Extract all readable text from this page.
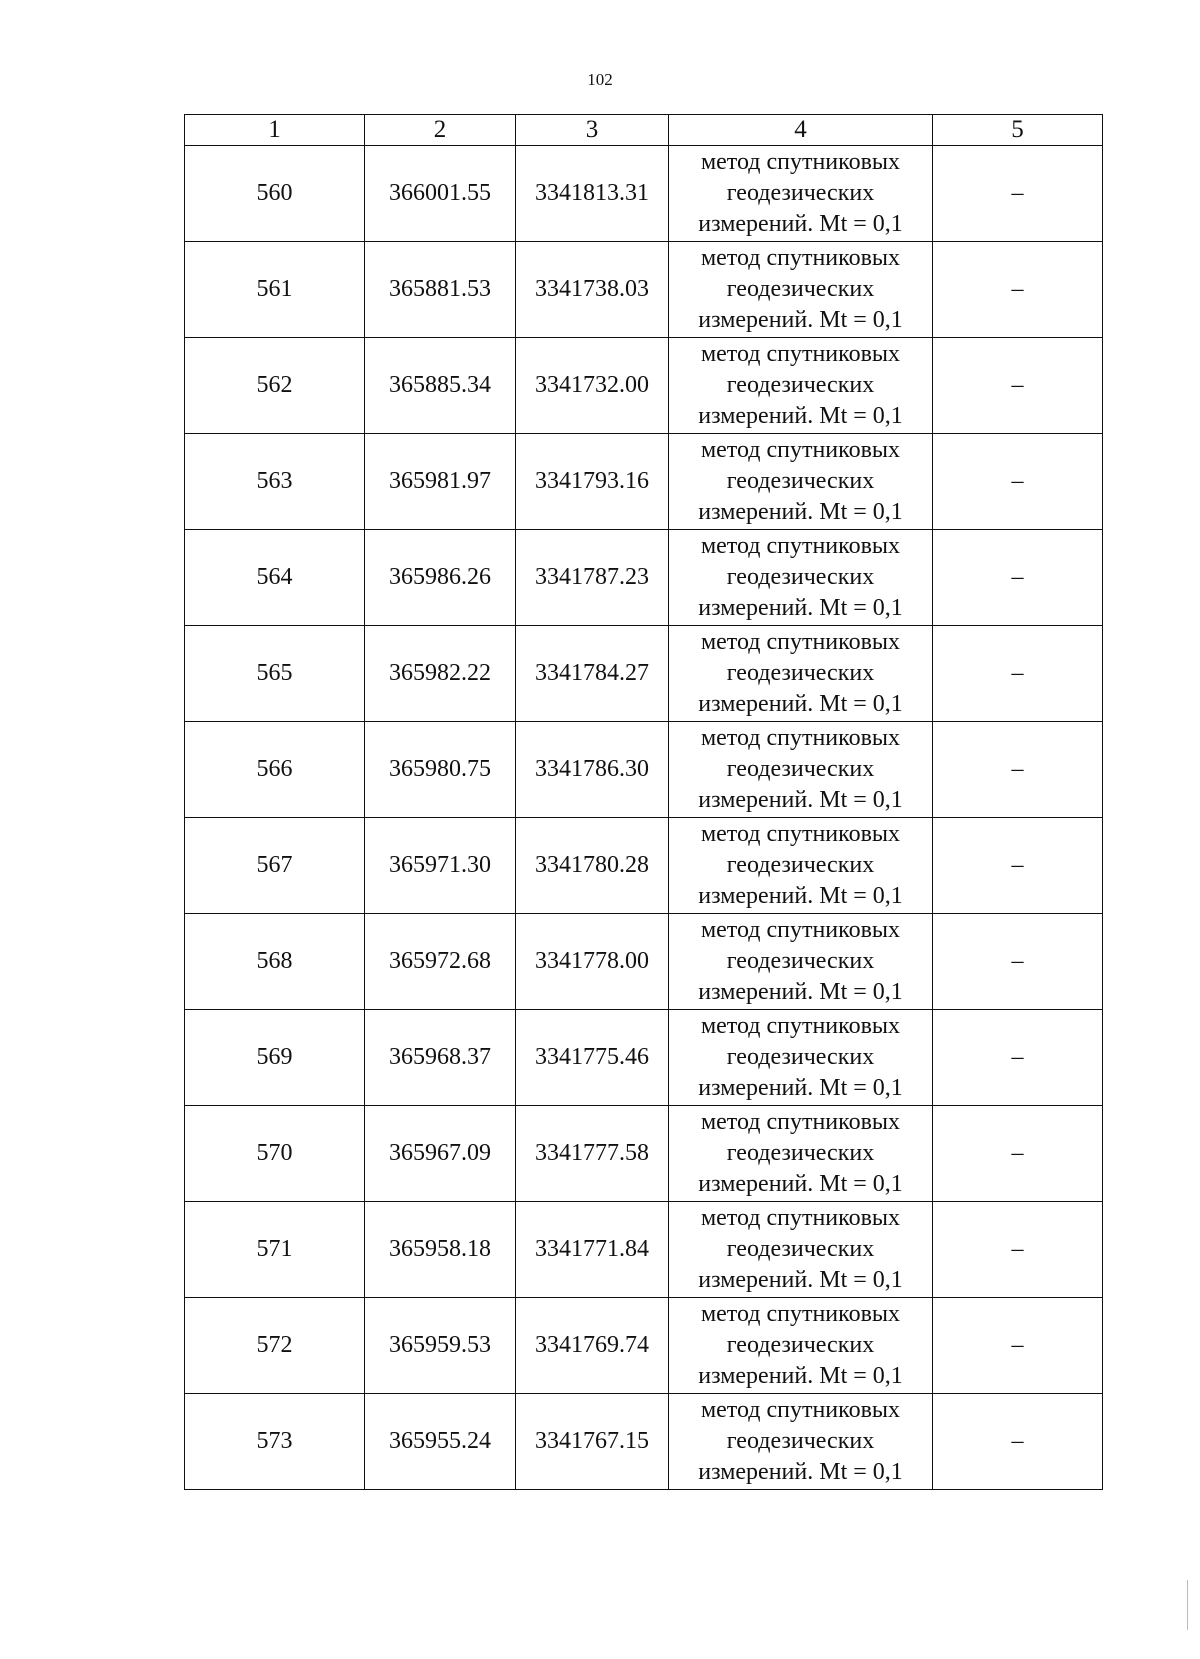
102
1	2	3	4	5
560	366001.55	3341813.31	метод спутниковых
геодезических
измерений. Mt = 0,1	–
561	365881.53	3341738.03	метод спутниковых
геодезических
измерений. Mt = 0,1	–
562	365885.34	3341732.00	метод спутниковых
геодезических
измерений. Mt = 0,1	–
563	365981.97	3341793.16	метод спутниковых
геодезических
измерений. Mt = 0,1	–
564	365986.26	3341787.23	метод спутниковых
геодезических
измерений. Mt = 0,1	–
565	365982.22	3341784.27	метод спутниковых
геодезических
измерений. Mt = 0,1	–
566	365980.75	3341786.30	метод спутниковых
геодезических
измерений. Mt = 0,1	–
567	365971.30	3341780.28	метод спутниковых
геодезических
измерений. Mt = 0,1	–
568	365972.68	3341778.00	метод спутниковых
геодезических
измерений. Mt = 0,1	–
569	365968.37	3341775.46	метод спутниковых
геодезических
измерений. Mt = 0,1	–
570	365967.09	3341777.58	метод спутниковых
геодезических
измерений. Mt = 0,1	–
571	365958.18	3341771.84	метод спутниковых
геодезических
измерений. Mt = 0,1	–
572	365959.53	3341769.74	метод спутниковых
геодезических
измерений. Mt = 0,1	–
573	365955.24	3341767.15	метод спутниковых
геодезических
измерений. Mt = 0,1	–
